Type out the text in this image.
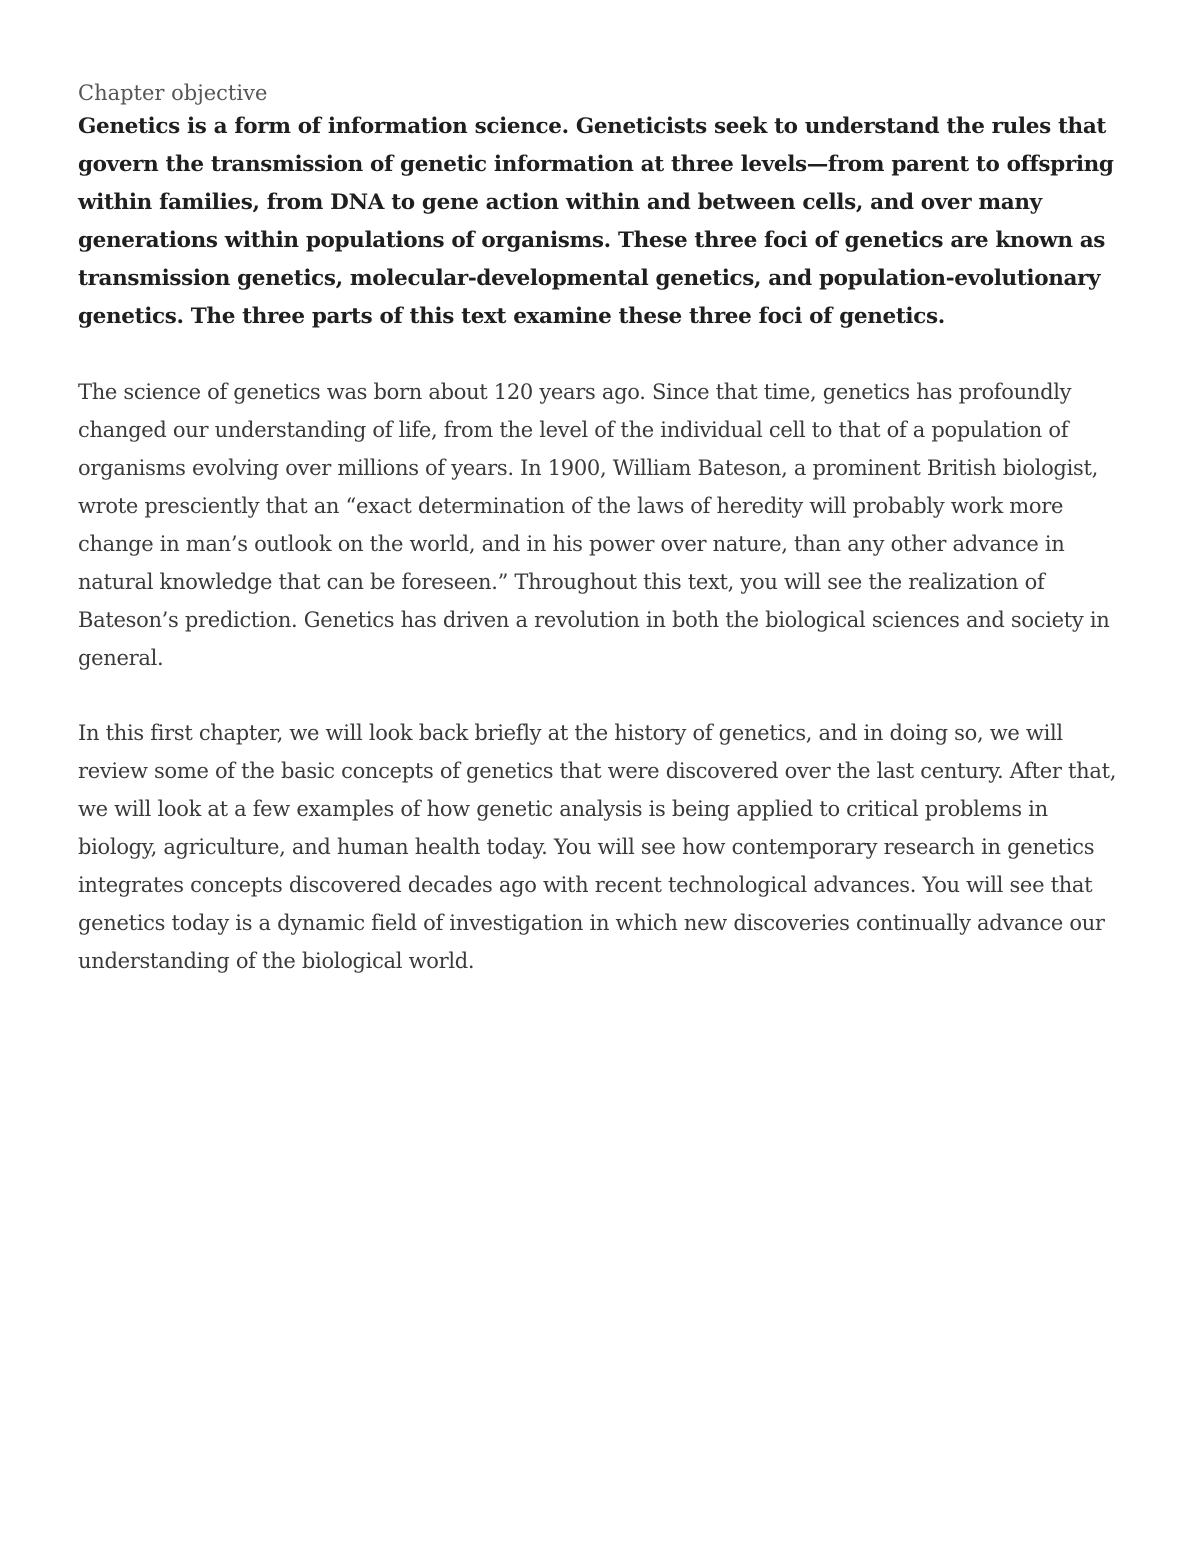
Chapter objective

Genetics is a form of information science. Geneticists seek to understand the rules that govern the transmission of genetic information at three levels—from parent to offspring within families, from DNA to gene action within and between cells, and over many generations within populations of organisms. These three foci of genetics are known as transmission genetics, molecular-developmental genetics, and population-evolutionary genetics. The three parts of this text examine these three foci of genetics.

The science of genetics was born about 120 years ago. Since that time, genetics has profoundly changed our understanding of life, from the level of the individual cell to that of a population of organisms evolving over millions of years. In 1900, William Bateson, a prominent British biologist, wrote presciently that an “exact determination of the laws of heredity will probably work more change in man’s outlook on the world, and in his power over nature, than any other advance in natural knowledge that can be foreseen.” Throughout this text, you will see the realization of Bateson’s prediction. Genetics has driven a revolution in both the biological sciences and society in general.

In this first chapter, we will look back briefly at the history of genetics, and in doing so, we will review some of the basic concepts of genetics that were discovered over the last century. After that, we will look at a few examples of how genetic analysis is being applied to critical problems in biology, agriculture, and human health today. You will see how contemporary research in genetics integrates concepts discovered decades ago with recent technological advances. You will see that genetics today is a dynamic field of investigation in which new discoveries continually advance our understanding of the biological world.
